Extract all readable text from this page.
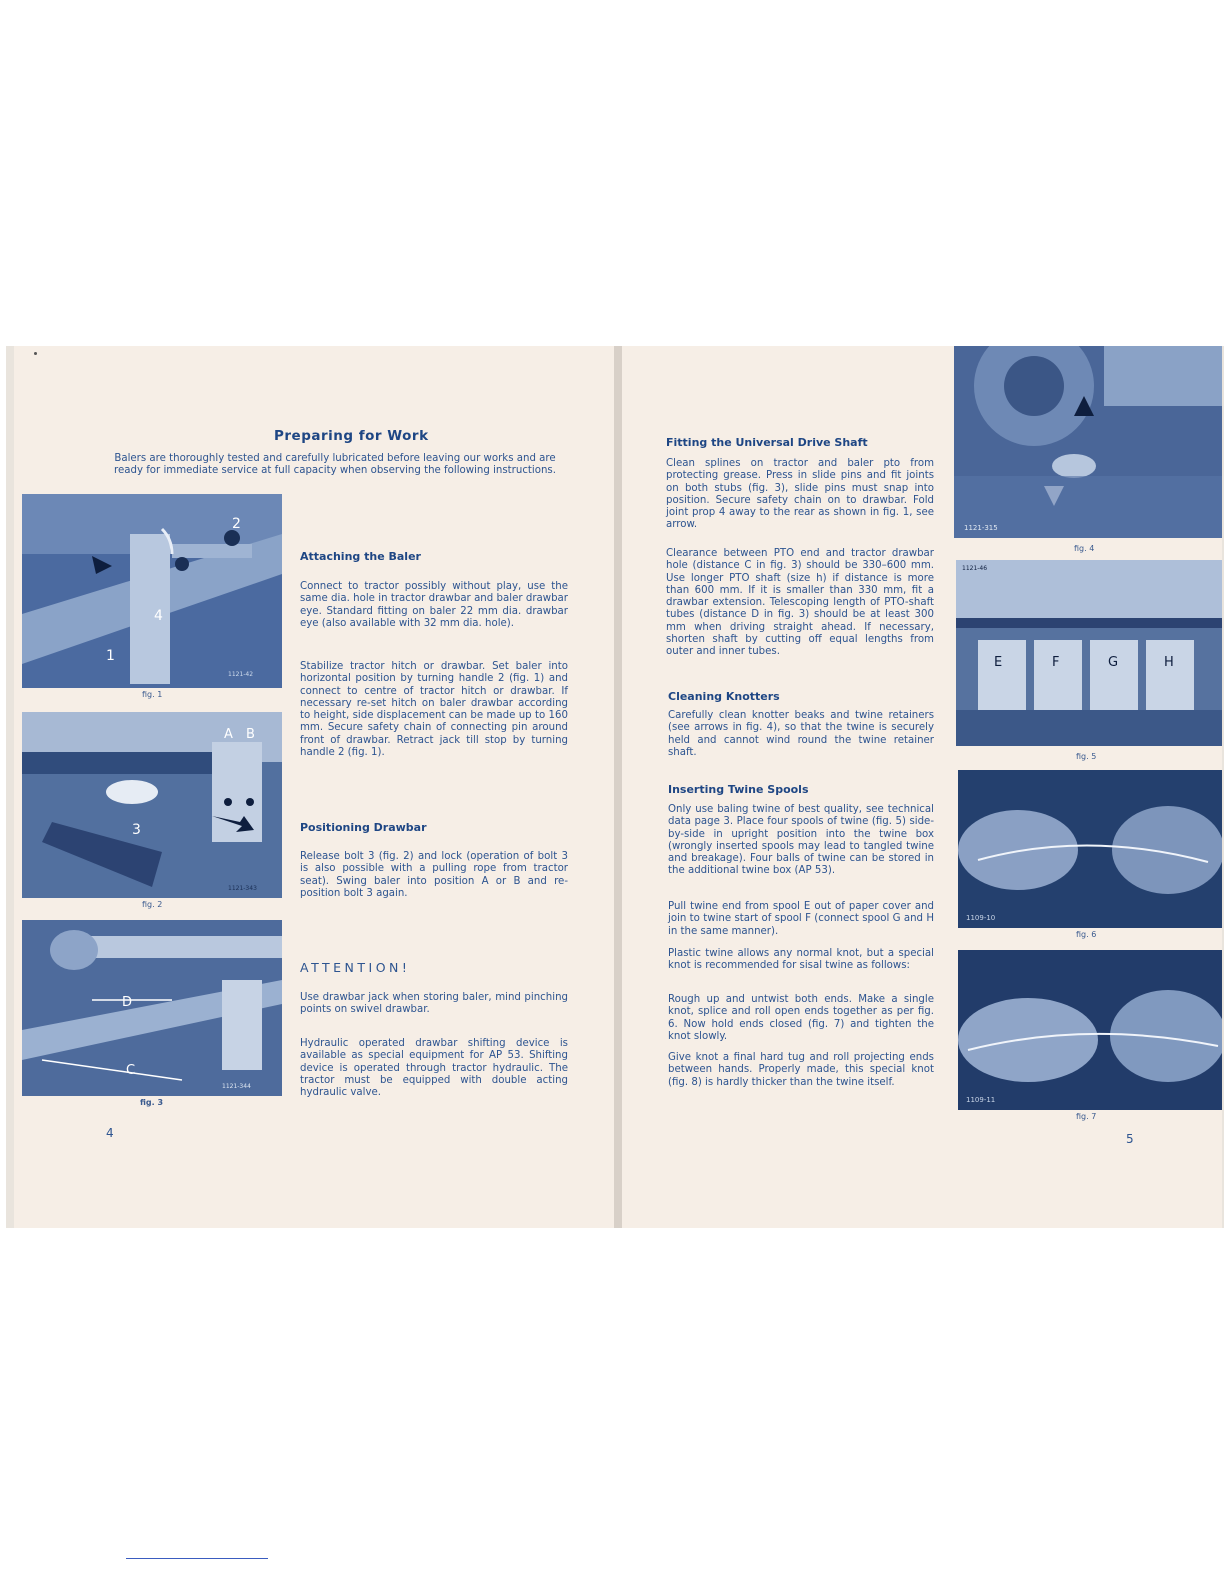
Preparing for Work
Balers are thoroughly tested and carefully lubricated before leaving our works and are ready for immediate service at full capacity when observing the following instructions.
2
4
1
1121-42
fig. 1
A B
3
1121-343
fig. 2
D
C
1121-344
fig. 3
Attaching the Baler
Connect to tractor possibly without play, use the same dia. hole in tractor drawbar and baler drawbar eye. Standard fitting on baler 22 mm dia. drawbar eye (also available with 32 mm dia. hole).
Stabilize tractor hitch or drawbar. Set baler into horizontal position by turning handle 2 (fig. 1) and connect to centre of tractor hitch or drawbar. If necessary re-set hitch on baler drawbar according to height, side displacement can be made up to 160 mm. Secure safety chain of connecting pin around front of drawbar. Retract jack till stop by turning handle 2 (fig. 1).
Positioning Drawbar
Release bolt 3 (fig. 2) and lock (operation of bolt 3 is also possible with a pulling rope from tractor seat). Swing baler into position A or B and re-position bolt 3 again.
ATTENTION!
Use drawbar jack when storing baler, mind pinching points on swivel drawbar.
Hydraulic operated drawbar shifting device is available as special equipment for AP 53. Shifting device is operated through tractor hydraulic. The tractor must be equipped with double acting hydraulic valve.
4
Fitting the Universal Drive Shaft
Clean splines on tractor and baler pto from protecting grease. Press in slide pins and fit joints on both stubs (fig. 3), slide pins must snap into position. Secure safety chain on to drawbar. Fold joint prop 4 away to the rear as shown in fig. 1, see arrow.
Clearance between PTO end and tractor drawbar hole (distance C in fig. 3) should be 330–600 mm. Use longer PTO shaft (size h) if distance is more than 600 mm. If it is smaller than 330 mm, fit a drawbar extension. Telescoping length of PTO-shaft tubes (distance D in fig. 3) should be at least 300 mm when driving straight ahead. If necessary, shorten shaft by cutting off equal lengths from outer and inner tubes.
Cleaning Knotters
Carefully clean knotter beaks and twine retainers (see arrows in fig. 4), so that the twine is securely held and cannot wind round the twine retainer shaft.
Inserting Twine Spools
Only use baling twine of best quality, see technical data page 3. Place four spools of twine (fig. 5) side-by-side in upright position into the twine box (wrongly inserted spools may lead to tangled twine and breakage). Four balls of twine can be stored in the additional twine box (AP 53).
Pull twine end from spool E out of paper cover and join to twine start of spool F (connect spool G and H in the same manner).
Plastic twine allows any normal knot, but a special knot is recommended for sisal twine as follows:
Rough up and untwist both ends. Make a single knot, splice and roll open ends together as per fig. 6. Now hold ends closed (fig. 7) and tighten the knot slowly.
Give knot a final hard tug and roll projecting ends between hands. Properly made, this special knot (fig. 8) is hardly thicker than the twine itself.
1121-315
fig. 4
1121-46
E	F	G	H
fig. 5
1109-10
fig. 6
1109-11
fig. 7
5
